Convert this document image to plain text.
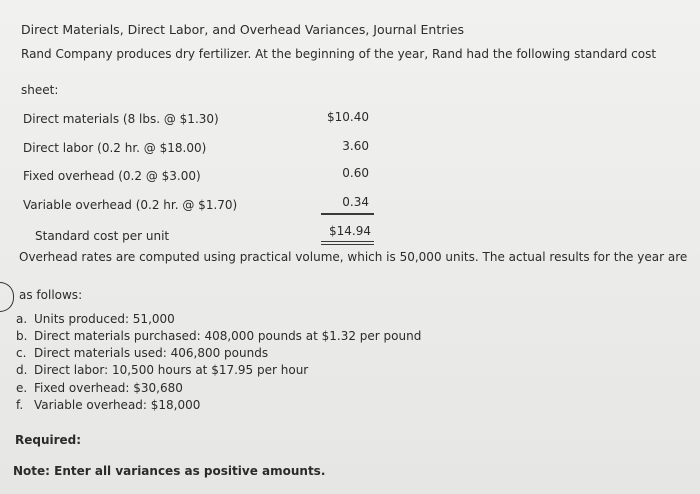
Direct Materials, Direct Labor, and Overhead Variances, Journal Entries
Rand Company produces dry fertilizer. At the beginning of the year, Rand had the following standard cost
sheet:
Direct materials (8 lbs. @ $1.30)	$10.40
Direct labor (0.2 hr. @ $18.00)	3.60
Fixed overhead (0.2 @ $3.00)	0.60
Variable overhead (0.2 hr. @ $1.70)	0.34
Standard cost per unit	$14.94
Overhead rates are computed using practical volume, which is 50,000 units. The actual results for the year are
as follows:
a. Units produced: 51,000
b. Direct materials purchased: 408,000 pounds at $1.32 per pound
c. Direct materials used: 406,800 pounds
d. Direct labor: 10,500 hours at $17.95 per hour
e. Fixed overhead: $30,680
f. Variable overhead: $18,000
Required:
Note: Enter all variances as positive amounts.
